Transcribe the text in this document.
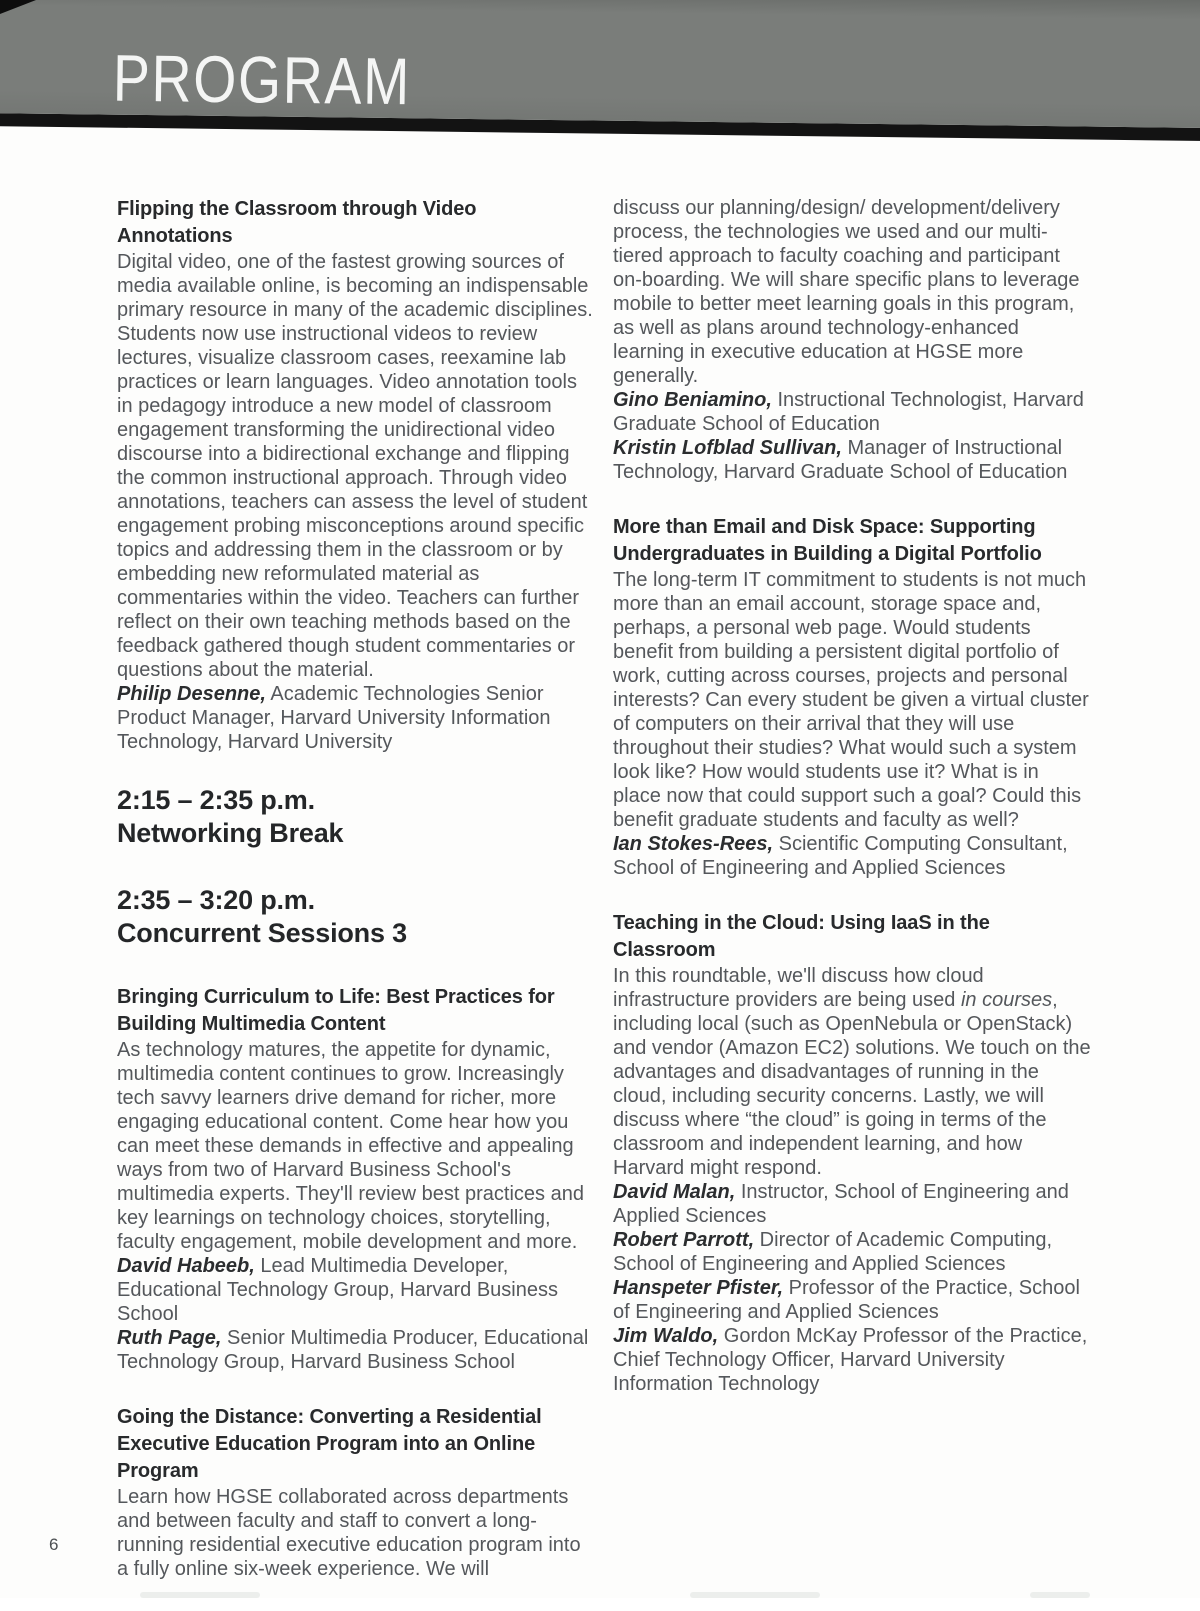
PROGRAM
Flipping the Classroom through Video Annotations
Digital video, one of the fastest growing sources of media available online, is becoming an indispensable primary resource in many of the academic disciplines. Students now use instructional videos to review lectures, visualize classroom cases, reexamine lab practices or learn languages. Video annotation tools in pedagogy introduce a new model of classroom engagement transforming the unidirectional video discourse into a bidirectional exchange and flipping the common instructional approach. Through video annotations, teachers can assess the level of student engagement probing misconceptions around specific topics and addressing them in the classroom or by embedding new reformulated material as commentaries within the video. Teachers can further reflect on their own teaching methods based on the feedback gathered though student commentaries or questions about the material.
Philip Desenne, Academic Technologies Senior Product Manager, Harvard University Information Technology, Harvard University
2:15 – 2:35 p.m.
Networking Break
2:35 – 3:20 p.m.
Concurrent Sessions 3
Bringing Curriculum to Life: Best Practices for Building Multimedia Content
As technology matures, the appetite for dynamic, multimedia content continues to grow. Increasingly tech savvy learners drive demand for richer, more engaging educational content. Come hear how you can meet these demands in effective and appealing ways from two of Harvard Business School's multimedia experts. They'll review best practices and key learnings on technology choices, storytelling, faculty engagement, mobile development and more.
David Habeeb, Lead Multimedia Developer, Educational Technology Group, Harvard Business School
Ruth Page, Senior Multimedia Producer, Educational Technology Group, Harvard Business School
Going the Distance: Converting a Residential Executive Education Program into an Online Program
Learn how HGSE collaborated across departments and between faculty and staff to convert a long-running residential executive education program into a fully online six-week experience. We will
discuss our planning/design/ development/delivery process, the technologies we used and our multi-tiered approach to faculty coaching and participant on-boarding. We will share specific plans to leverage mobile to better meet learning goals in this program, as well as plans around technology-enhanced learning in executive education at HGSE more generally.
Gino Beniamino, Instructional Technologist, Harvard Graduate School of Education
Kristin Lofblad Sullivan, Manager of Instructional Technology, Harvard Graduate School of Education
More than Email and Disk Space: Supporting Undergraduates in Building a Digital Portfolio
The long-term IT commitment to students is not much more than an email account, storage space and, perhaps, a personal web page. Would students benefit from building a persistent digital portfolio of work, cutting across courses, projects and personal interests? Can every student be given a virtual cluster of computers on their arrival that they will use throughout their studies? What would such a system look like? How would students use it? What is in place now that could support such a goal? Could this benefit graduate students and faculty as well?
Ian Stokes-Rees, Scientific Computing Consultant, School of Engineering and Applied Sciences
Teaching in the Cloud: Using IaaS in the Classroom
In this roundtable, we'll discuss how cloud infrastructure providers are being used in courses, including local (such as OpenNebula or OpenStack) and vendor (Amazon EC2) solutions. We touch on the advantages and disadvantages of running in the cloud, including security concerns. Lastly, we will discuss where “the cloud” is going in terms of the classroom and independent learning, and how Harvard might respond.
David Malan, Instructor, School of Engineering and Applied Sciences
Robert Parrott, Director of Academic Computing, School of Engineering and Applied Sciences
Hanspeter Pfister, Professor of the Practice, School of Engineering and Applied Sciences
Jim Waldo, Gordon McKay Professor of the Practice, Chief Technology Officer, Harvard University Information Technology
6
